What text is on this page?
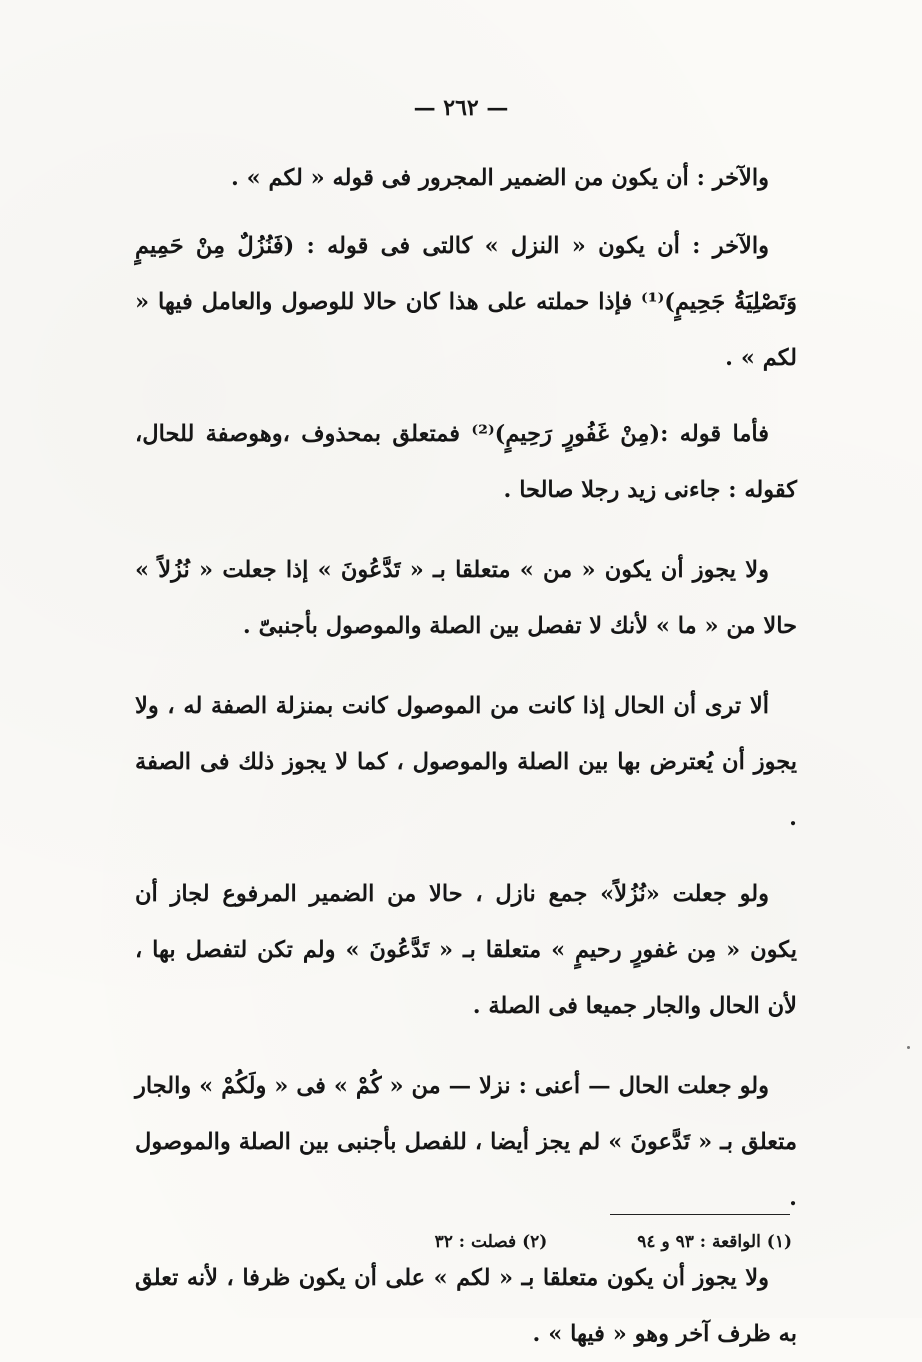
— ٢٦٢ —

والآخر : أن يكون من الضمير المجرور فى قوله « لكم » .

والآخر : أن يكون « النزل » كالتى فى قوله : (فَنُزُلٌ مِنْ حَمِيمٍ وَتَصْلِيَةُ جَحِيمٍ)⁽¹⁾ فإذا حملته على هذا كان حالا للوصول والعامل فيها « لكم » .

فأما قوله :(مِنْ غَفُورٍ رَحِيمٍ)⁽²⁾ فمتعلق بمحذوف ،وهوصفة للحال، كقوله : جاءنى زيد رجلا صالحا .

ولا يجوز أن يكون « من » متعلقا بـ « تَدَّعُونَ » إذا جعلت « نُزُلاً » حالا من « ما » لأنك لا تفصل بين الصلة والموصول بأجنبىّ .

ألا ترى أن الحال إذا كانت من الموصول كانت بمنزلة الصفة له ، ولا يجوز أن يُعترض بها بين الصلة والموصول ، كما لا يجوز ذلك فى الصفة .

ولو جعلت «نُزُلاً» جمع نازل ، حالا من الضمير المرفوع لجاز أن يكون « مِن غفورٍ رحيمٍ » متعلقا بـ « تَدَّعُونَ » ولم تكن لتفصل بها ، لأن الحال والجار جميعا فى الصلة .

ولو جعلت الحال — أعنى : نزلا — من « كُمْ » فى « ولَكُمْ » والجار متعلق بـ « تَدَّعونَ » لم يجز أيضا ، للفصل بأجنبى بين الصلة والموصول .

ولا يجوز أن يكون متعلقا بـ « لكم » على أن يكون ظرفا ، لأنه تعلق به ظرف آخر وهو « فيها » .

(١) الواقعة : ٩٣ و ٩٤
(٢) فصلت : ٣٢
